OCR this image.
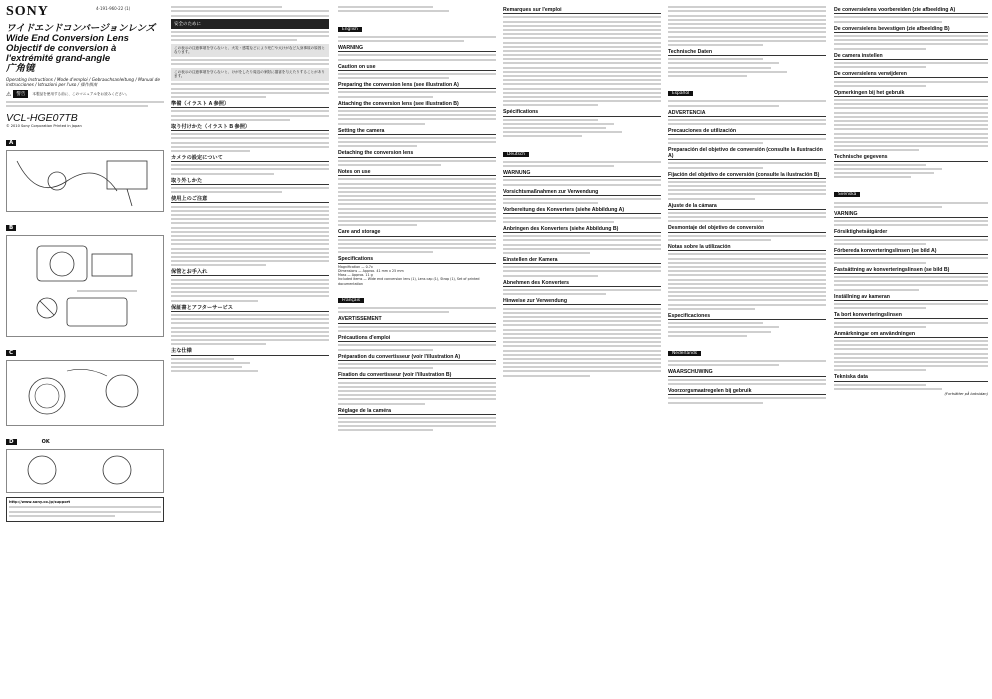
SONY	4-191-960-22 (1)
ワイドエンドコンバージョンレンズ
Wide End Conversion Lens
Objectif de conversion à
l'extrémité grand-angle
广角镜
Operating Instructions / Mode d'emploi / Gebrauchsanleitung / Manual de instrucciones / Istruzioni per l'uso / 操作指南
⚠	警告	本製品を使用する前に、このマニュアルをお読みください。
VCL-HGE07TB
© 2010 Sony Corporation Printed in Japan
A
B
C
D	OK
http://www.sony.co.jp/support
安全のために
この表示の注意事項を守らないと、火災・感電などにより死亡や大けがなど人身事故の原因となります。
この表示の注意事項を守らないと、けがをしたり周辺の家財に損害を与えたりすることがあります。
準備（イラスト A 参照）
取り付けかた（イラスト B 参照）
カメラの設定について
取り外しかた
使用上のご注意
保管とお手入れ
保証書とアフターサービス
主な仕様
English
WARNING
Caution on use
Preparing the conversion lens (see illustration A)
Attaching the conversion lens (see illustration B)
Setting the camera
Detaching the conversion lens
Notes on use
Care and storage
Specifications
Magnification — 0.7x
Dimensions — Approx. 41 mm x 25 mm
Mass — Approx. 11 g
Included items — Wide end conversion lens (1), Lens cap (1), Strap (1), Set of printed documentation
Français
AVERTISSEMENT
Précautions d'emploi
Préparation du convertisseur (voir l'illustration A)
Fixation du convertisseur (voir l'illustration B)
Réglage de la caméra
Remarques sur l'emploi
Spécifications
Deutsch
WARNUNG
Vorsichtsmaßnahmen zur Verwendung
Vorbereitung des Konverters (siehe Abbildung A)
Anbringen des Konverters (siehe Abbildung B)
Einstellen der Kamera
Abnehmen des Konverters
Hinweise zur Verwendung
Technische Daten
Español
ADVERTENCIA
Precauciones de utilización
Preparación del objetivo de conversión (consulte la ilustración A)
Fijación del objetivo de conversión (consulte la ilustración B)
Ajuste de la cámara
Desmontaje del objetivo de conversión
Notas sobre la utilización
Especificaciones
Nederlands
WAARSCHUWING
Voorzorgsmaatregelen bij gebruik
De conversielens voorbereiden (zie afbeelding A)
De conversielens bevestigen (zie afbeelding B)
De camera instellen
De conversielens verwijderen
Opmerkingen bij het gebruik
Technische gegevens
Svenska
VARNING
Försiktighetsåtgärder
Förbereda konverteringslinsen (se bild A)
Fastsättning av konverteringslinsen (se bild B)
Inställning av kameran
Ta bort konverteringslinsen
Anmärkningar om användningen
Tekniska data
(Fortsätter på baksidan)
